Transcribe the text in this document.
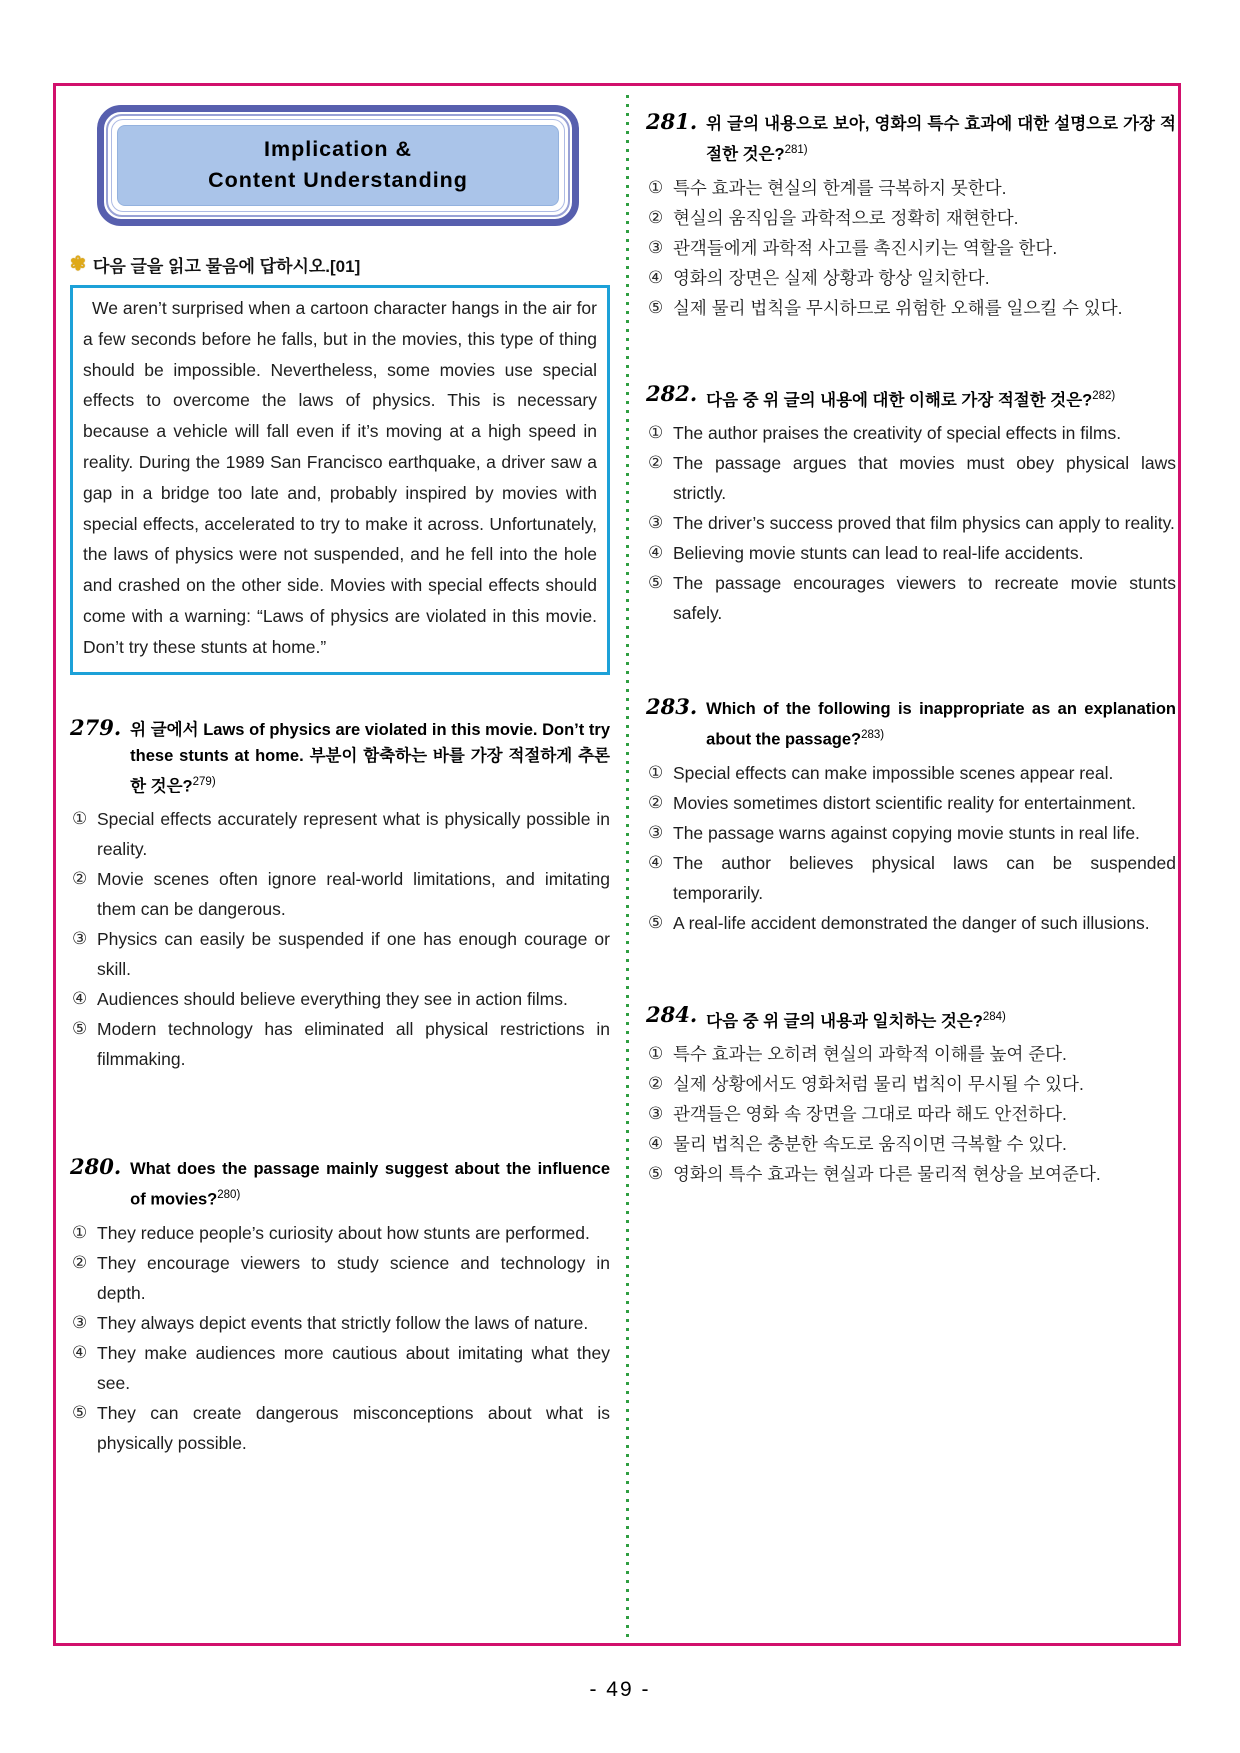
Implication &
Content Understanding
✾ 다음 글을 읽고 물음에 답하시오.[01]
We aren’t surprised when a cartoon character hangs in the air for a few seconds before he falls, but in the movies, this type of thing should be impossible. Nevertheless, some movies use special effects to overcome the laws of physics. This is necessary because a vehicle will fall even if it’s moving at a high speed in reality. During the 1989 San Francisco earthquake, a driver saw a gap in a bridge too late and, probably inspired by movies with special effects, accelerated to try to make it across. Unfortunately, the laws of physics were not suspended, and he fell into the hole and crashed on the other side. Movies with special effects should come with a warning: “Laws of physics are violated in this movie. Don’t try these stunts at home.”
279. 위 글에서 Laws of physics are violated in this movie. Don’t try these stunts at home. 부분이 함축하는 바를 가장 적절하게 추론한 것은?$^{279)}$
① Special effects accurately represent what is physically possible in reality.
② Movie scenes often ignore real-world limitations, and imitating them can be dangerous.
③ Physics can easily be suspended if one has enough courage or skill.
④ Audiences should believe everything they see in action films.
⑤ Modern technology has eliminated all physical restrictions in filmmaking.
280. What does the passage mainly suggest about the influence of movies?$^{280)}$
① They reduce people’s curiosity about how stunts are performed.
② They encourage viewers to study science and technology in depth.
③ They always depict events that strictly follow the laws of nature.
④ They make audiences more cautious about imitating what they see.
⑤ They can create dangerous misconceptions about what is physically possible.
281. 위 글의 내용으로 보아, 영화의 특수 효과에 대한 설명으로 가장 적절한 것은?$^{281)}$
① 특수 효과는 현실의 한계를 극복하지 못한다.
② 현실의 움직임을 과학적으로 정확히 재현한다.
③ 관객들에게 과학적 사고를 촉진시키는 역할을 한다.
④ 영화의 장면은 실제 상황과 항상 일치한다.
⑤ 실제 물리 법칙을 무시하므로 위험한 오해를 일으킬 수 있다.
282. 다음 중 위 글의 내용에 대한 이해로 가장 적절한 것은?$^{282)}$
① The author praises the creativity of special effects in films.
② The passage argues that movies must obey physical laws strictly.
③ The driver’s success proved that film physics can apply to reality.
④ Believing movie stunts can lead to real-life accidents.
⑤ The passage encourages viewers to recreate movie stunts safely.
283. Which of the following is inappropriate as an explanation about the passage?$^{283)}$
① Special effects can make impossible scenes appear real.
② Movies sometimes distort scientific reality for entertainment.
③ The passage warns against copying movie stunts in real life.
④ The author believes physical laws can be suspended temporarily.
⑤ A real-life accident demonstrated the danger of such illusions.
284. 다음 중 위 글의 내용과 일치하는 것은?$^{284)}$
① 특수 효과는 오히려 현실의 과학적 이해를 높여 준다.
② 실제 상황에서도 영화처럼 물리 법칙이 무시될 수 있다.
③ 관객들은 영화 속 장면을 그대로 따라 해도 안전하다.
④ 물리 법칙은 충분한 속도로 움직이면 극복할 수 있다.
⑤ 영화의 특수 효과는 현실과 다른 물리적 현상을 보여준다.
- 49 -
